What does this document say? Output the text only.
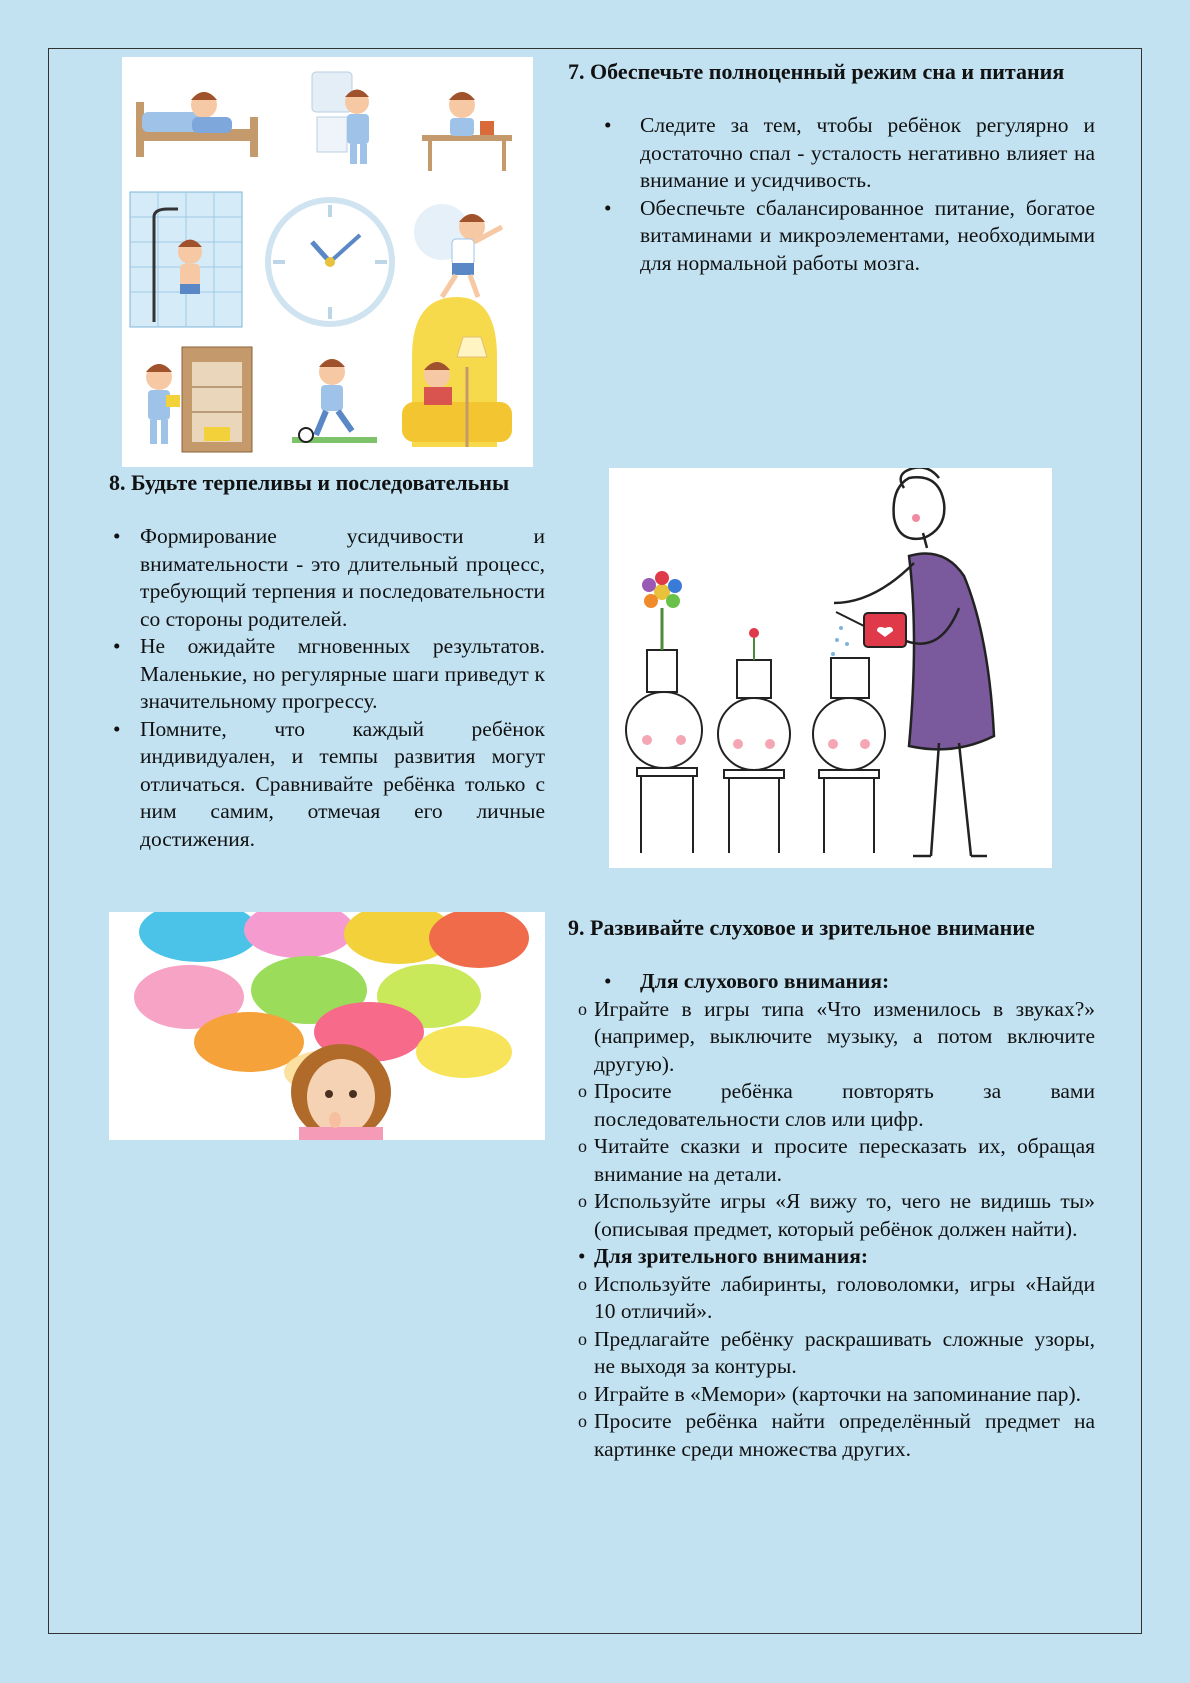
7. Обеспечьте полноценный режим сна и питания
• Следите за тем, чтобы ребёнок регулярно и достаточно спал - усталость негативно влияет на внимание и усидчивость.
• Обеспечьте сбалансированное питание, богатое витаминами и микроэлементами, необходимыми для нормальной работы мозга.
8. Будьте терпеливы и последовательны
• Формирование усидчивости и внимательности - это длительный процесс, требующий терпения и последовательности со стороны родителей.
• Не ожидайте мгновенных результатов. Маленькие, но регулярные шаги приведут к значительному прогрессу.
• Помните, что каждый ребёнок индивидуален, и темпы развития могут отличаться. Сравнивайте ребёнка только с ним самим, отмечая его личные достижения.
9. Развивайте слуховое и зрительное внимание
• Для слухового внимания:
o Играйте в игры типа «Что изменилось в звуках?» (например, выключите музыку, а потом включите другую).
o Просите ребёнка повторять за вами последовательности слов или цифр.
o Читайте сказки и просите пересказать их, обращая внимание на детали.
o Используйте игры «Я вижу то, чего не видишь ты» (описывая предмет, который ребёнок должен найти).
• Для зрительного внимания:
o Используйте лабиринты, головоломки, игры «Найди 10 отличий».
o Предлагайте ребёнку раскрашивать сложные узоры, не выходя за контуры.
o Играйте в «Мемори» (карточки на запоминание пар).
o Просите ребёнка найти определённый предмет на картинке среди множества других.
